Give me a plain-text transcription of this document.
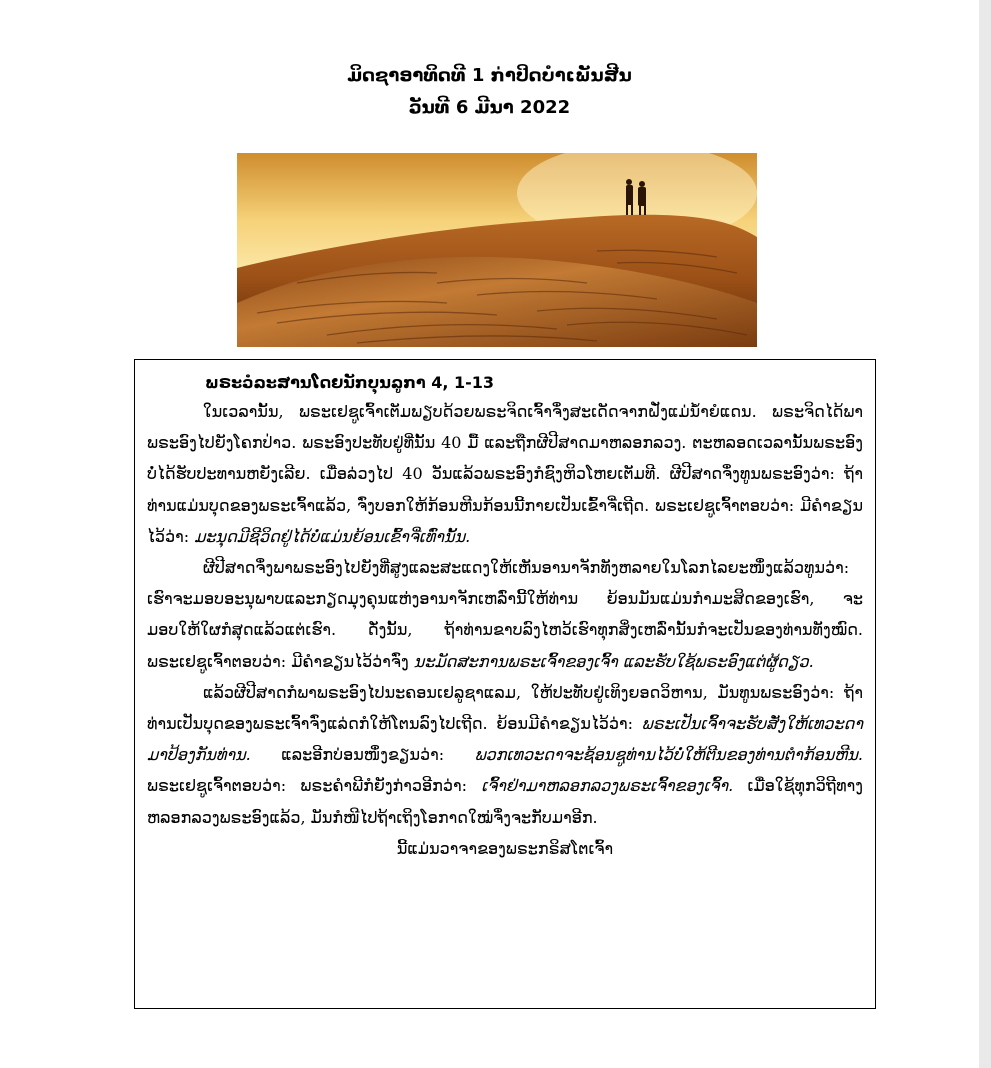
ມິດຊາອາທິດທີ 1 ກ່າປິດບໍາເພັນສີນ

ວັນທີ 6 ມີນາ 2022

ພຣະວໍລະສານໂດຍນັກບຸນລູກາ 4, 1-13

ໃນເວລານັ້ນ, ພຣະເຢຊູເຈົ້າເຕັມພຽບດ້ວຍພຣະຈິດເຈົ້າຈຶ່ງສະເດັດຈາກຝັ່ງແມ່ນໍ້າຍໍແດນ. ພຣະຈິດໄດ້ພາພຣະອົງໄປຍັງໂຄກປ່າວ. ພຣະອົງປະທັບຢູ່ທີ່ນັ້ນ 40 ມື້ ແລະຖືກຜີປີສາດມາຫລອກລວງ. ຕະຫລອດເວລານັ້ນພຣະອົງບໍ່ໄດ້ຮັບປະທານຫຍັງເລີຍ. ເມື່ອລ່ວງໄປ 40 ວັນແລ້ວພຣະອົງກໍຊົງຫິວໂຫຍເຕັມທີ. ຜີປີສາດຈຶ່ງທູນພຣະອົງວ່າ: ຖ້າທ່ານແມ່ນບຸດຂອງພຣະເຈົ້າແລ້ວ, ຈົ່ງບອກໃຫ້ກ້ອນຫີນກ້ອນນີ້ກາຍເປັນເຂົ້າຈີ່ເຖີດ. ພຣະເຢຊູເຈົ້າຕອບວ່າ: ມີຄໍາຂຽນໄວ້ວ່າ: ມະນຸດມີຊີວິດຢູ່ໄດ້ບໍ່ແມ່ນຍ້ອນເຂົ້າຈີ່ເທົ່ານັ້ນ.

ຜີປີສາດຈຶ່ງພາພຣະອົງໄປຍັງທີ່ສູງແລະສະແດງໃຫ້ເຫັນອານາຈັກທັງຫລາຍໃນໂລກໄລຍະໜຶ່ງແລ້ວທູນວ່າ: ເຮົາຈະມອບອະນຸພາບແລະກຽດມຸງຄຸນແຫ່ງອານາຈັກເຫລົ່ານີ້ໃຫ້ທ່ານ ຍ້ອນມັນແມ່ນກໍາມະສິດຂອງເຮົາ, ຈະມອບໃຫ້ໃຜກໍສຸດແລ້ວແຕ່ເຮົາ. ດັ່ງນັ້ນ, ຖ້າທ່ານຂາບລົງໄຫວ້ເຮົາທຸກສິ່ງເຫລົ່ານັ້ນກໍຈະເປັນຂອງທ່ານທັງໝົດ. ພຣະເຢຊູເຈົ້າຕອບວ່າ: ມີຄໍາຂຽນໄວ້ວ່າຈົ່ງ ນະມັດສະການພຣະເຈົ້າຂອງເຈົ້າ ແລະຮັບໃຊ້ພຣະອົງແຕ່ຜູ້ດຽວ.

ແລ້ວຜີປີສາດກໍພາພຣະອົງໄປນະຄອນເຢລູຊາແລມ, ໃຫ້ປະທັບຢູ່ເທິງຍອດວິຫານ, ມັນທູນພຣະອົງວ່າ: ຖ້າທ່ານເປັນບຸດຂອງພຣະເຈົ້າຈົ່ງແລ່ດກໍໃຫ້ໂຕນລົງໄປເຖີດ. ຍ້ອນມີຄໍາຂຽນໄວ້ວ່າ: ພຣະເປັນເຈົ້າຈະຮັບສັ່ງໃຫ້ເທວະດາມາປ້ອງກັນທ່ານ. ແລະອີກບ່ອນໜຶ່ງຂຽນວ່າ: ພວກເທວະດາຈະຊ້ອນຊູທ່ານໄວ້ບໍ່ໃຫ້ຕີນຂອງທ່ານຕໍາກ້ອນຫີນ. ພຣະເຢຊູເຈົ້າຕອບວ່າ: ພຣະຄໍາພີກໍຍັງກ່າວອີກວ່າ: ເຈົ້າຢ່າມາຫລອກລວງພຣະເຈົ້າຂອງເຈົ້າ. ເມື່ອໃຊ້ທຸກວິຖີທາງຫລອກລວງພຣະອົງແລ້ວ, ມັນກໍໜີໄປຖ້າເຖິງໂອກາດໃໝ່ຈຶ່ງຈະກັບມາອີກ.

ນີ້ແມ່ນວາຈາຂອງພຣະກຣິສໂຕເຈົ້າ
